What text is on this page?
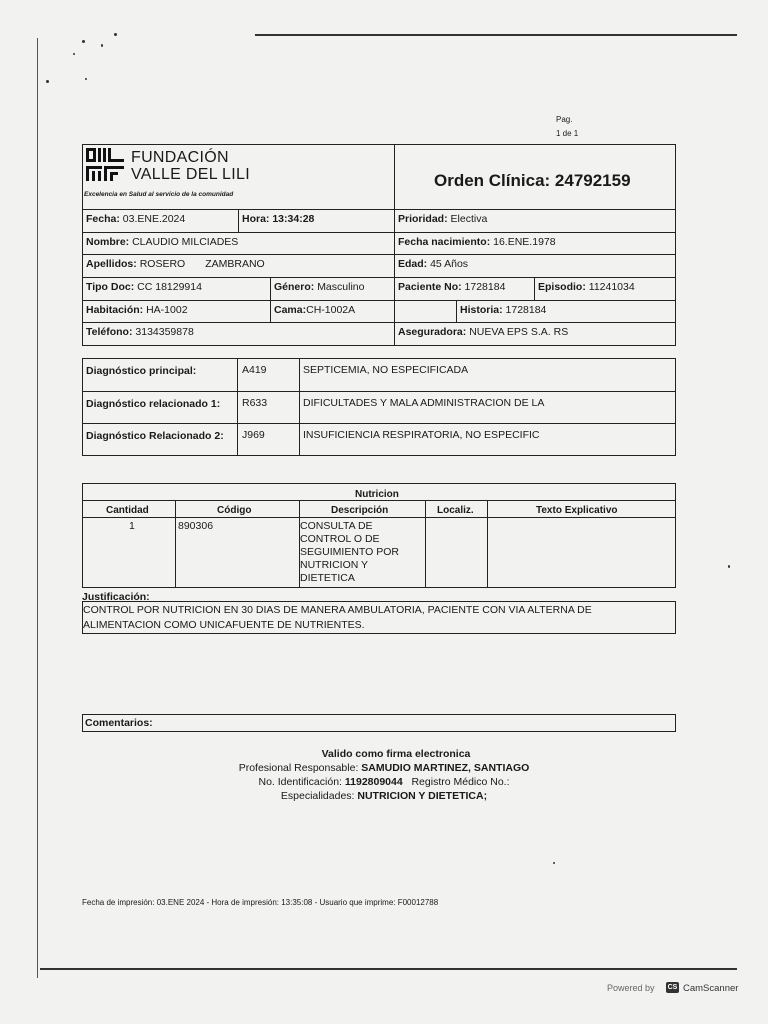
Pag.
1 de 1
FUNDACIÓN
VALLE DEL LILI
Excelencia en Salud al servicio de la comunidad
Orden Clínica: 24792159
Fecha: 03.ENE.2024	Hora: 13:34:28	Prioridad: Electiva
Nombre: CLAUDIO MILCIADES	Fecha nacimiento: 16.ENE.1978
Apellidos: ROSERO ZAMBRANO	Edad: 45 Años
Tipo Doc: CC 18129914	Género: Masculino	Paciente No: 1728184	Episodio: 11241034
Habitación: HA-1002	Cama:CH-1002A	Historia: 1728184
Teléfono: 3134359878	Aseguradora: NUEVA EPS S.A. RS
Diagnóstico principal:	A419	SEPTICEMIA, NO ESPECIFICADA
Diagnóstico relacionado 1: R633	DIFICULTADES Y MALA ADMINISTRACION DE LA
Diagnóstico Relacionado 2: J969	INSUFICIENCIA RESPIRATORIA, NO ESPECIFIC
Nutricion
Cantidad	Código	Descripción	Localiz.	Texto Explicativo
1	890306	CONSULTA DE
CONTROL O DE
SEGUIMIENTO POR
NUTRICION Y
DIETETICA
Justificación:
CONTROL POR NUTRICION EN 30 DIAS DE MANERA AMBULATORIA, PACIENTE CON VIA ALTERNA DE
ALIMENTACION COMO UNICAFUENTE DE NUTRIENTES.
Comentarios:
Valido como firma electronica
Profesional Responsable: SAMUDIO MARTINEZ, SANTIAGO
No. Identificación: 1192809044 Registro Médico No.:
Especialidades: NUTRICION Y DIETETICA;
Fecha de impresión: 03.ENE 2024 - Hora de impresión: 13:35:08 - Usuario que imprime: F00012788
Powered by CS CamScanner
